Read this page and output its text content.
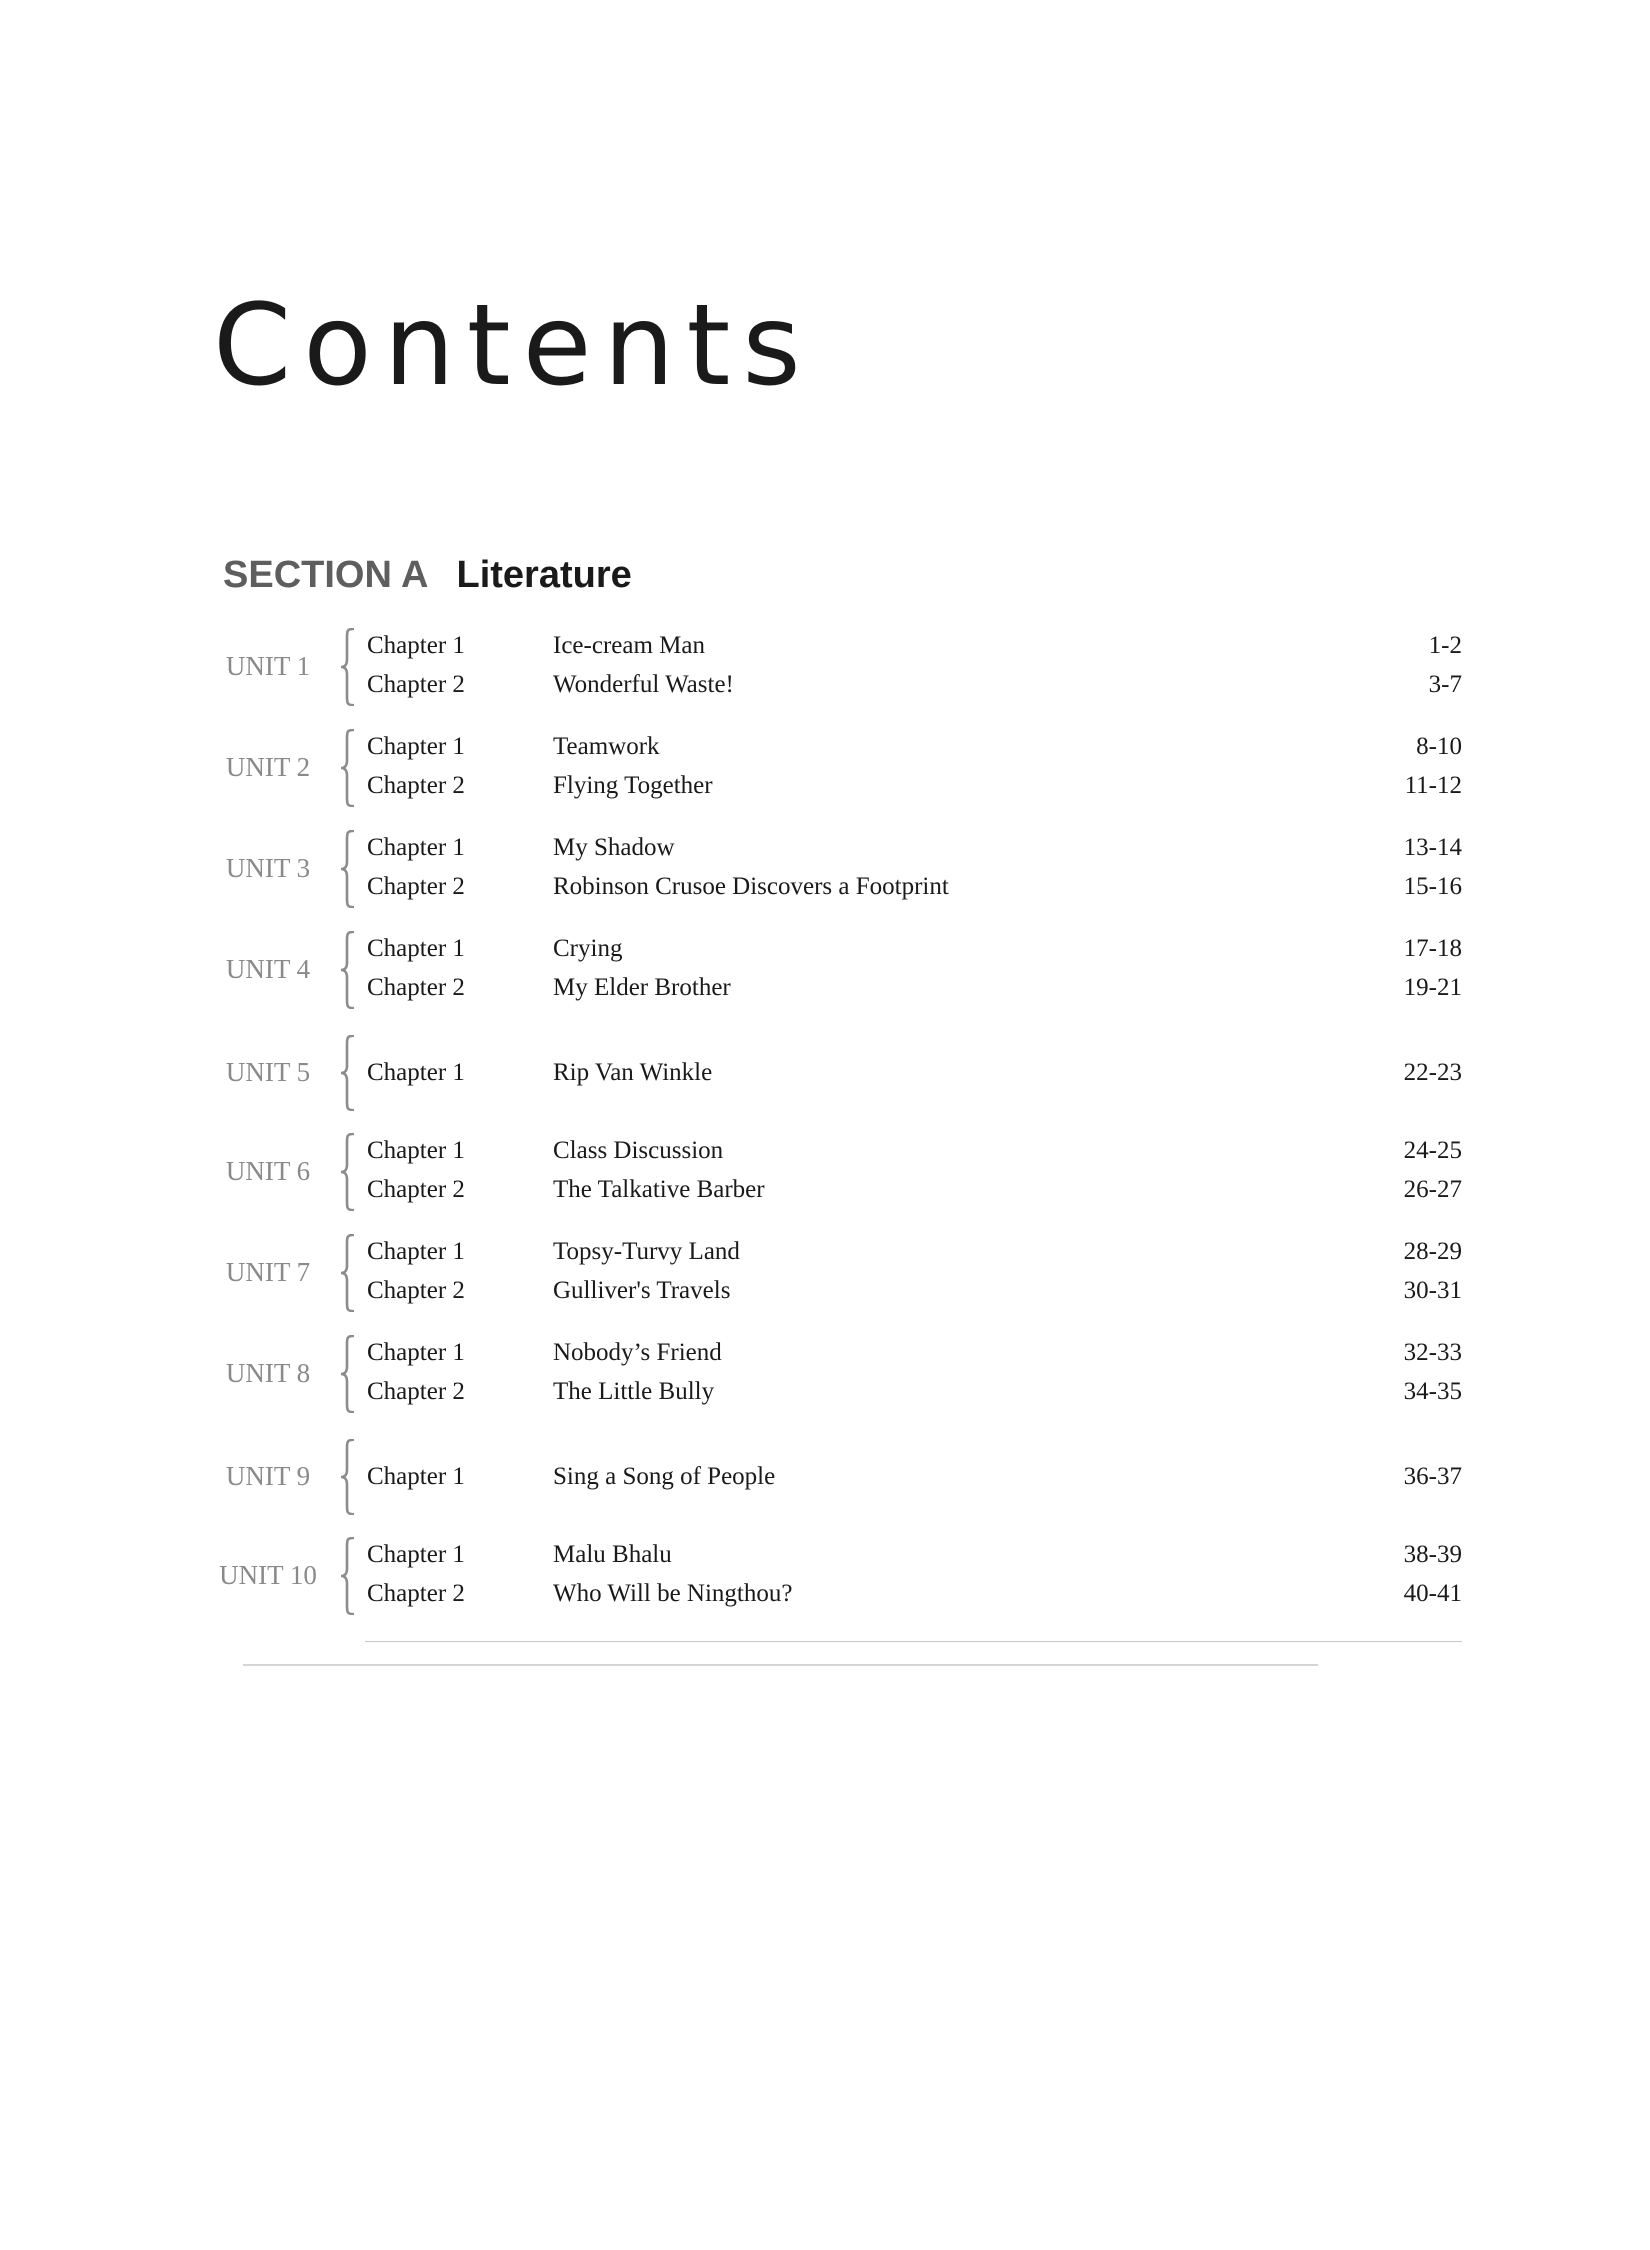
Contents
SECTION A Literature
UNIT 1
Chapter 1	Ice-cream Man	1-2
Chapter 2	Wonderful Waste!	3-7
UNIT 2
Chapter 1	Teamwork	8-10
Chapter 2	Flying Together	11-12
UNIT 3
Chapter 1	My Shadow	13-14
Chapter 2	Robinson Crusoe Discovers a Footprint	15-16
UNIT 4
Chapter 1	Crying	17-18
Chapter 2	My Elder Brother	19-21
UNIT 5	Chapter 1	Rip Van Winkle	22-23
UNIT 6
Chapter 1	Class Discussion	24-25
Chapter 2	The Talkative Barber	26-27
UNIT 7
Chapter 1	Topsy-Turvy Land	28-29
Chapter 2	Gulliver's Travels	30-31
UNIT 8
Chapter 1	Nobody’s Friend	32-33
Chapter 2	The Little Bully	34-35
UNIT 9	Chapter 1	Sing a Song of People	36-37
UNIT 10
Chapter 1	Malu Bhalu	38-39
Chapter 2	Who Will be Ningthou?	40-41
